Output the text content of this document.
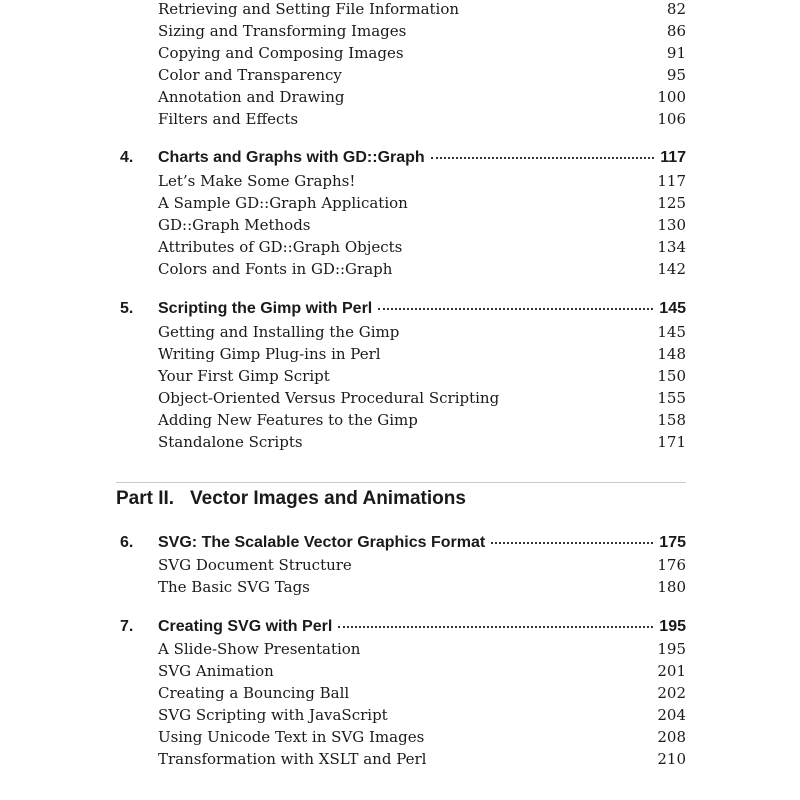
Retrieving and Setting File Information	82
Sizing and Transforming Images	86
Copying and Composing Images	91
Color and Transparency	95
Annotation and Drawing	100
Filters and Effects	106
4.	Charts and Graphs with GD::Graph	117
Let’s Make Some Graphs!	117
A Sample GD::Graph Application	125
GD::Graph Methods	130
Attributes of GD::Graph Objects	134
Colors and Fonts in GD::Graph	142
5.	Scripting the Gimp with Perl	145
Getting and Installing the Gimp	145
Writing Gimp Plug-ins in Perl	148
Your First Gimp Script	150
Object-Oriented Versus Procedural Scripting	155
Adding New Features to the Gimp	158
Standalone Scripts	171
Part II. Vector Images and Animations
6.	SVG: The Scalable Vector Graphics Format	175
SVG Document Structure	176
The Basic SVG Tags	180
7.	Creating SVG with Perl	195
A Slide-Show Presentation	195
SVG Animation	201
Creating a Bouncing Ball	202
SVG Scripting with JavaScript	204
Using Unicode Text in SVG Images	208
Transformation with XSLT and Perl	210
